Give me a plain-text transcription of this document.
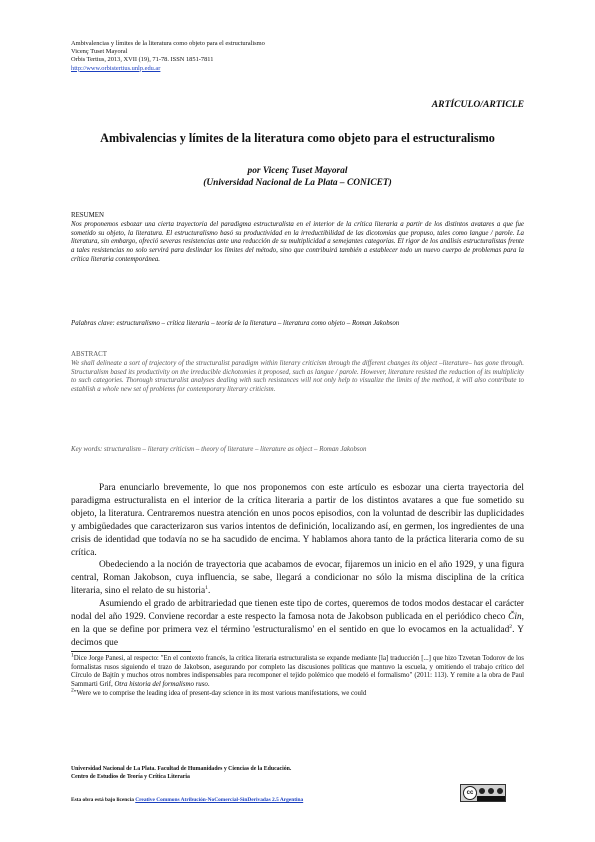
Ambivalencias y límites de la literatura como objeto para el estructuralismo
Vicenç Tuset Mayoral
Orbis Tertius, 2013, XVII (19), 71-78. ISSN 1851-7811
http://www.orbistertius.unlp.edu.ar
ARTÍCULO/ARTICLE
Ambivalencias y límites de la literatura como objeto para el estructuralismo
por Vicenç Tuset Mayoral
(Universidad Nacional de La Plata – CONICET)
RESUMEN
Nos proponemos esbozar una cierta trayectoria del paradigma estructuralista en el interior de la crítica literaria a partir de los distintos avatares a que fue sometido su objeto, la literatura. El estructuralismo basó su productividad en la irreductibilidad de las dicotomías que propuso, tales como langue / parole. La literatura, sin embargo, ofreció severas resistencias ante una reducción de su multiplicidad a semejantes categorías. El rigor de los análisis estructuralistas frente a tales resistencias no solo servirá para deslindar los límites del método, sino que contribuirá también a establecer todo un nuevo cuerpo de problemas para la crítica literaria contemporánea.
Palabras clave: estructuralismo – crítica literaria – teoría de la literatura – literatura como objeto – Roman Jakobson
ABSTRACT
We shall delineate a sort of trajectory of the structuralist paradigm within literary criticism through the different changes its object –literature– has gone through. Structuralism based its productivity on the irreducible dichotomies it proposed, such as langue / parole. However, literature resisted the reduction of its multiplicity to such categories. Thorough structuralist analyses dealing with such resistances will not only help to visualize the limits of the method, it will also contribute to establish a whole new set of problems for contemporary literary criticism.
Key words: structuralism – literary criticism – theory of literature – literature as object – Roman Jakobson

Para enunciarlo brevemente, lo que nos proponemos con este artículo es esbozar una cierta trayectoria del paradigma estructuralista en el interior de la crítica literaria a partir de los distintos avatares a que fue sometido su objeto, la literatura. Centraremos nuestra atención en unos pocos episodios, con la voluntad de describir las duplicidades y ambigüedades que caracterizaron sus varios intentos de definición, localizando así, en germen, los ingredientes de una crisis de identidad que todavía no se ha sacudido de encima. Y hablamos ahora tanto de la práctica literaria como de su crítica.

Obedeciendo a la noción de trayectoria que acabamos de evocar, fijaremos un inicio en el año 1929, y una figura central, Roman Jakobson, cuya influencia, se sabe, llegará a condicionar no sólo la misma disciplina de la crítica literaria, sino el relato de su historia$^1$.

Asumiendo el grado de arbitrariedad que tienen este tipo de cortes, queremos de todos modos destacar el carácter nodal del año 1929. Conviene recordar a este respecto la famosa nota de Jakobson publicada en el periódico checo Čin, en la que se define por primera vez el término 'estructuralismo' en el sentido en que lo evocamos en la actualidad$^2$. Y decimos que

$^1$Dice Jorge Panesi, al respecto: "En el contexto francés, la crítica literaria estructuralista se expande mediante [la] traducción [...] que hizo Tzvetan Todorov de los formalistas rusos siguiendo el trazo de Jakobson, asegurando por completo las discusiones políticas que mantuvo la escuela, y omitiendo el trabajo crítico del Círculo de Bajtín y muchos otros nombres indispensables para recomponer el tejido polémico que modeló el formalismo" (2011: 113). Y remite a la obra de Paul Sammarti Grif, Otra historia del formalismo ruso.

$^2$"Were we to comprise the leading idea of present-day science in its most various manifestations, we could

Universidad Nacional de La Plata. Facultad de Humanidades y Ciencias de la Educación.
Centro de Estudios de Teoría y Crítica Literaria
cc
Esta obra está bajo licencia Creative Commons Atribución-NoComercial-SinDerivadas 2.5 Argentina
